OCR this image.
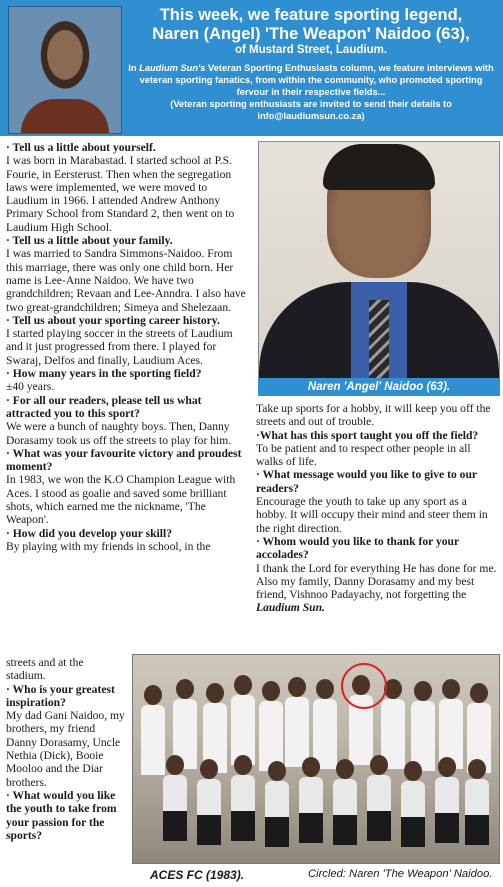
This week, we feature sporting legend,
Naren (Angel) 'The Weapon' Naidoo (63),
of Mustard Street, Laudium.
In Laudium Sun's Veteran Sporting Enthusiasts column, we feature interviews with veteran sporting fanatics, from within the community, who promoted sporting fervour in their respective fields...
(Veteran sporting enthusiasts are invited to send their details to info@laudiumsun.co.za)
· Tell us a little about yourself.
I was born in Marabastad. I started school at P.S. Fourie, in Eersterust. Then when the segregation laws were implemented, we were moved to Laudium in 1966. I attended Andrew Anthony Primary School from Standard 2, then went on to Laudium High School.
· Tell us a little about your family.
I was married to Sandra Simmons-Naidoo. From this marriage, there was only one child born. Her name is Lee-Anne Naidoo. We have two grandchildren; Revaan and Lee-Anndra. I also have two great-grandchildren; Simeya and Shelezaan.
· Tell us about your sporting career history.
I started playing soccer in the streets of Laudium and it just progressed from there. I played for Swaraj, Delfos and finally, Laudium Aces.
· How many years in the sporting field?
±40 years.
· For all our readers, please tell us what attracted you to this sport?
We were a bunch of naughty boys. Then, Danny Dorasamy took us off the streets to play for him.
· What was your favourite victory and proudest moment?
In 1983, we won the K.O Champion League with Aces. I stood as goalie and saved some brilliant shots, which earned me the nickname, 'The Weapon'.
· How did you develop your skill?
By playing with my friends in school, in the
Naren 'Angel' Naidoo (63).
Take up sports for a hobby, it will keep you off the streets and out of trouble.
·What has this sport taught you off the field?
To be patient and to respect other people in all walks of life.
· What message would you like to give to our readers?
Encourage the youth to take up any sport as a hobby. It will occupy their mind and steer them in the right direction.
· Whom would you like to thank for your accolades?
I thank the Lord for everything He has done for me. Also my family, Danny Dorasamy and my best friend, Vishnoo Padayachy, not forgetting the Laudium Sun.
streets and at the stadium.
· Who is your greatest inspiration?
My dad Gani Naidoo, my brothers, my friend Danny Dorasamy, Uncle Nethia (Dick), Booie Mooloo and the Diar brothers.
· What would you like the youth to take from your passion for the sports?
ACES FC (1983).	Circled: Naren 'The Weapon' Naidoo.
